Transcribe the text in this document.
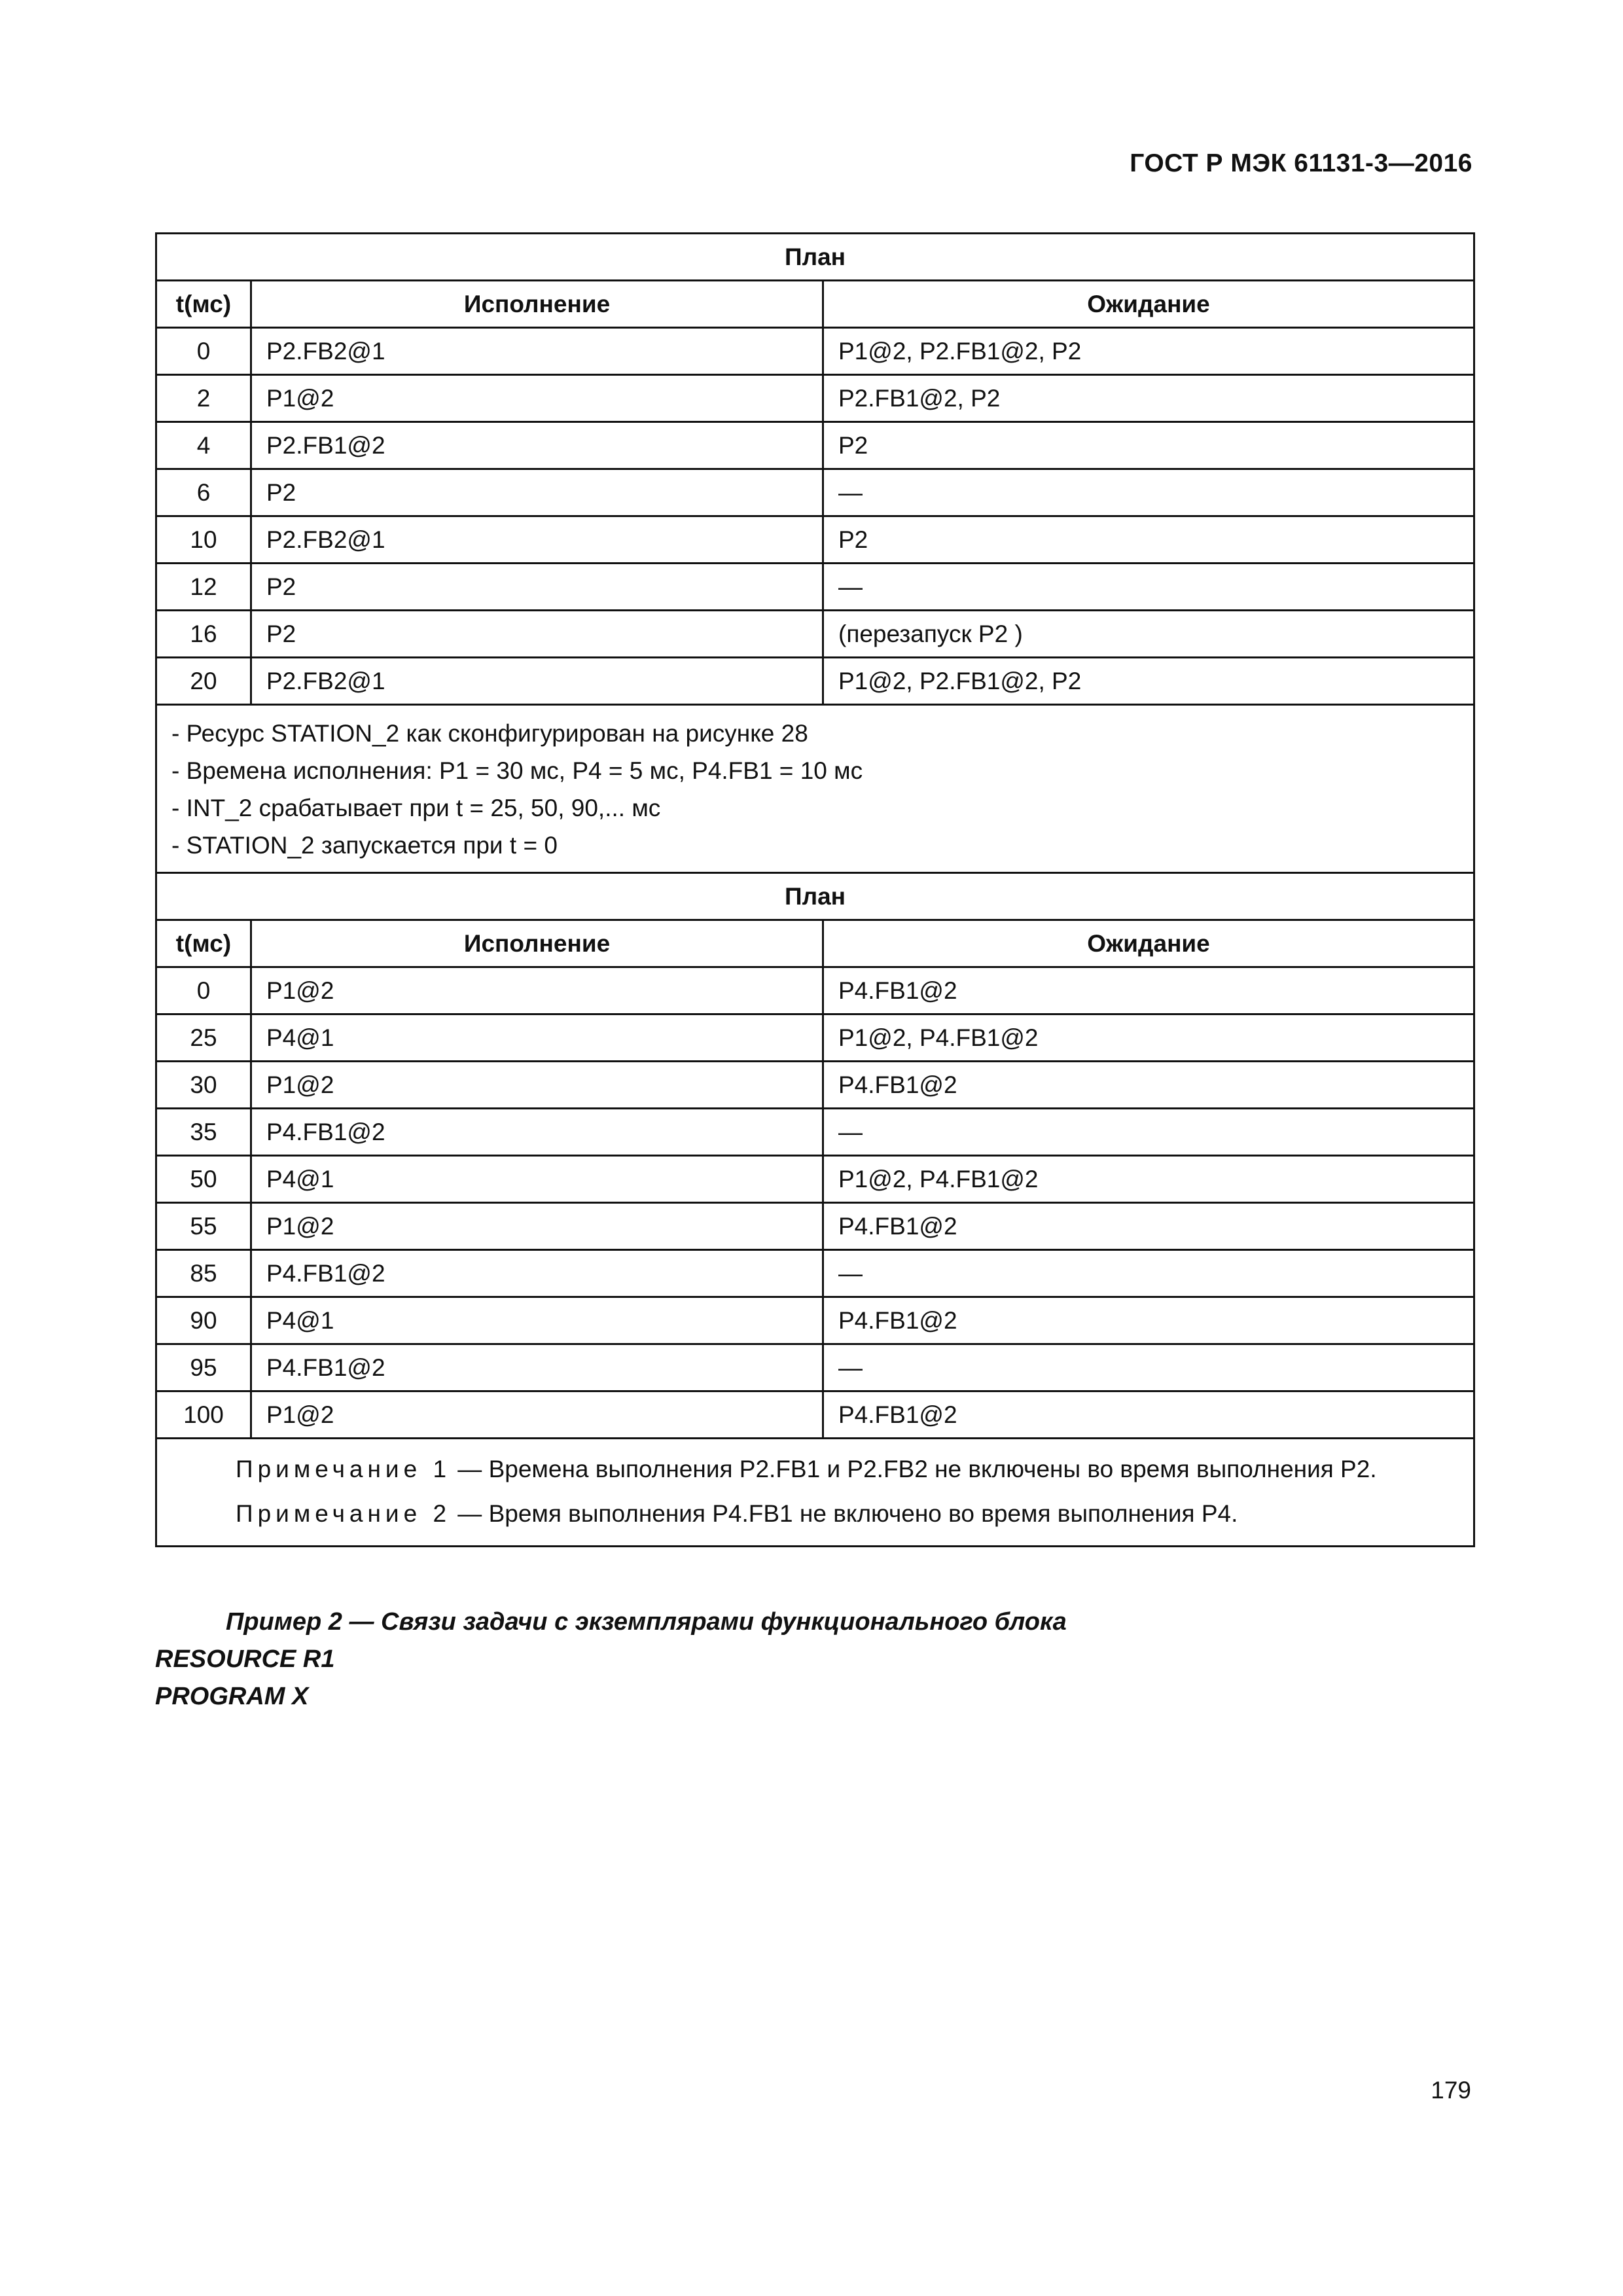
ГОСТ Р МЭК 61131-3—2016
План		
t(мс)	Исполнение	Ожидание
0	P2.FB2@1	P1@2, P2.FB1@2, P2
2	P1@2	P2.FB1@2, P2
4	P2.FB1@2	P2
6	P2	—
10	P2.FB2@1	P2
12	P2	—
16	P2	(перезапуск P2 )
20	P2.FB2@1	P1@2, P2.FB1@2, P2

- Ресурс STATION_2 как сконфигурирован на рисунке 28
- Времена исполнения: P1 = 30 мс, P4 = 5 мс, P4.FB1 = 10 мс
- INT_2 срабатывает при t = 25, 50, 90,... мс
- STATION_2 запускается при t = 0		

План		
t(мс)	Исполнение	Ожидание
0	P1@2	P4.FB1@2
25	P4@1	P1@2, P4.FB1@2
30	P1@2	P4.FB1@2
35	P4.FB1@2	—
50	P4@1	P1@2, P4.FB1@2
55	P1@2	P4.FB1@2
85	P4.FB1@2	—
90	P4@1	P4.FB1@2
95	P4.FB1@2	—
100	P1@2	P4.FB1@2

Примечание 1 — Времена выполнения P2.FB1 и P2.FB2 не включены во время выполнения P2.
Примечание 2 — Время выполнения P4.FB1 не включено во время выполнения P4.		
Пример 2 — Связи задачи с экземплярами функционального блока
RESOURCE R1
PROGRAM X
179
